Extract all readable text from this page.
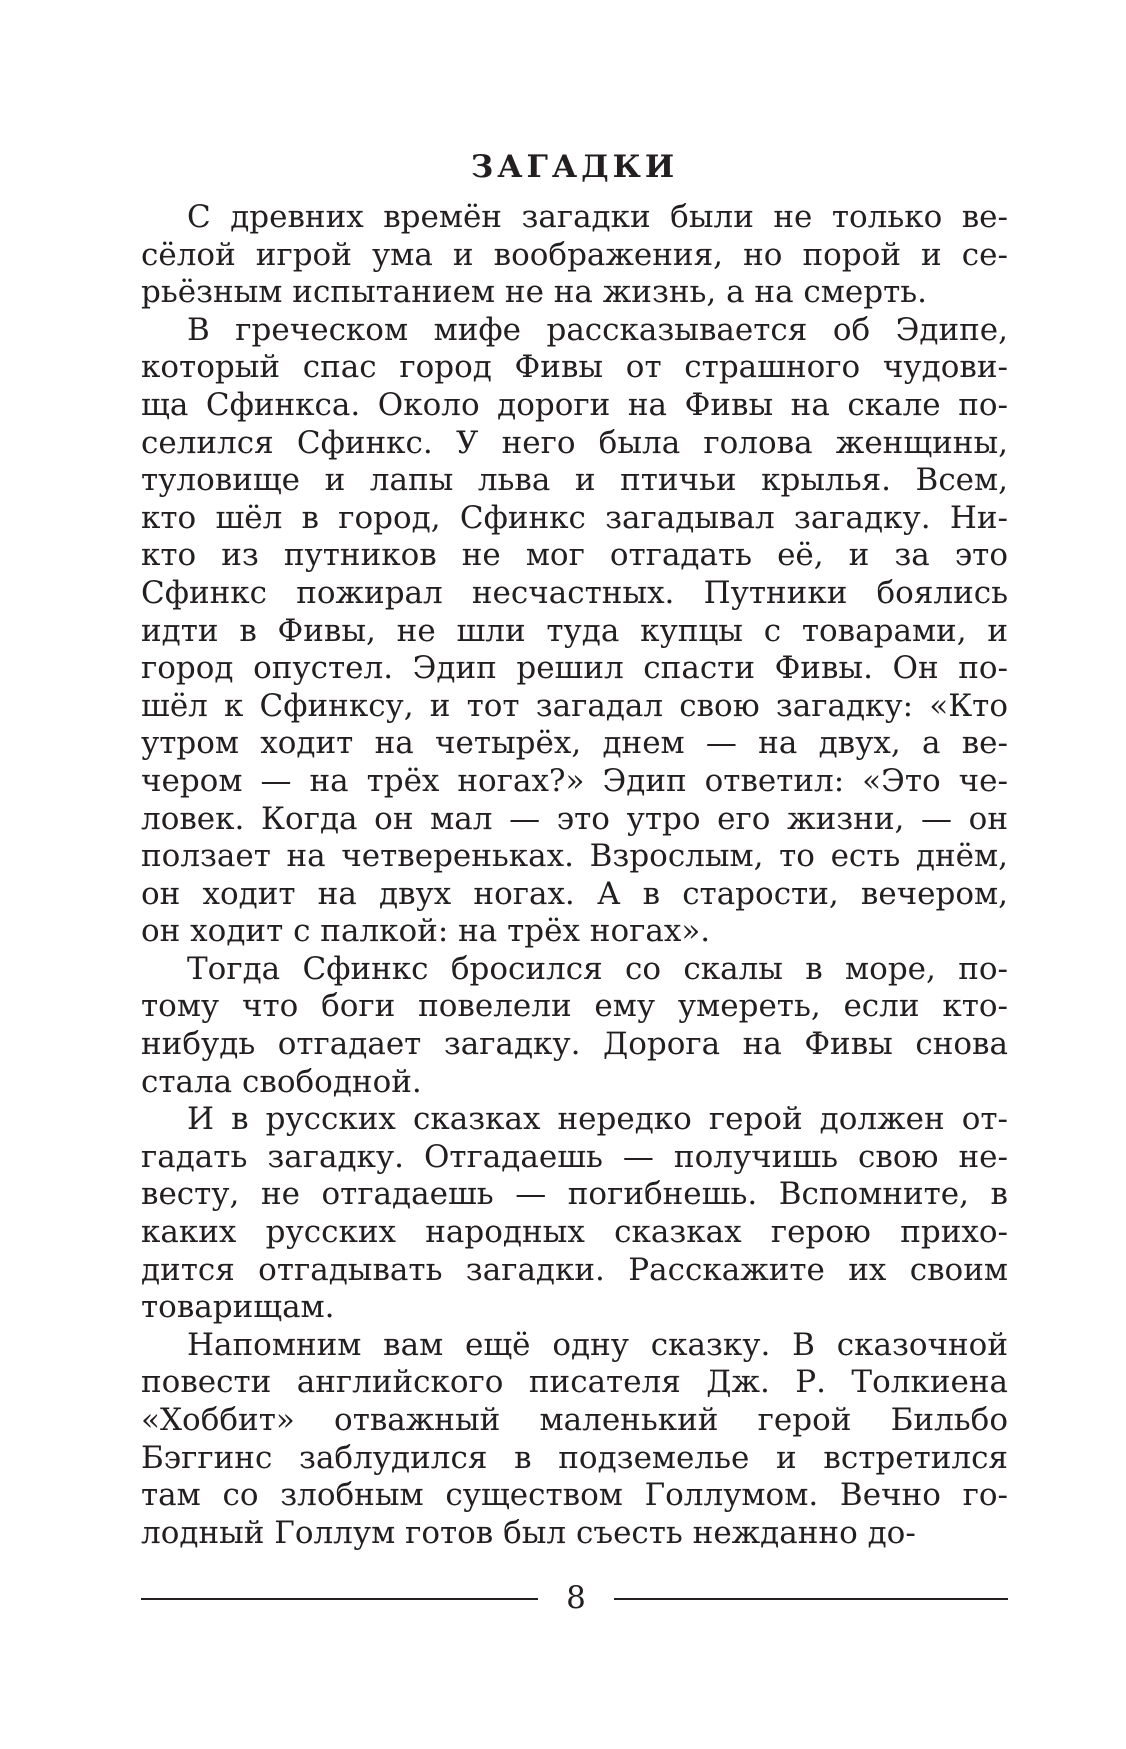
ЗАГАДКИ
С древних времён загадки были не только ве-
сёлой игрой ума и воображения, но порой и се-
рьёзным испытанием не на жизнь, а на смерть.
В греческом мифе рассказывается об Эдипе,
который спас город Фивы от страшного чудови-
ща Сфинкса. Около дороги на Фивы на скале по-
селился Сфинкс. У него была голова женщины,
туловище и лапы льва и птичьи крылья. Всем,
кто шёл в город, Сфинкс загадывал загадку. Ни-
кто из путников не мог отгадать её, и за это
Сфинкс пожирал несчастных. Путники боялись
идти в Фивы, не шли туда купцы с товарами, и
город опустел. Эдип решил спасти Фивы. Он по-
шёл к Сфинксу, и тот загадал свою загадку: «Кто
утром ходит на четырёх, днем — на двух, а ве-
чером — на трёх ногах?» Эдип ответил: «Это че-
ловек. Когда он мал — это утро его жизни, — он
ползает на четвереньках. Взрослым, то есть днём,
он ходит на двух ногах. А в старости, вечером,
он ходит с палкой: на трёх ногах».
Тогда Сфинкс бросился со скалы в море, по-
тому что боги повелели ему умереть, если кто-
нибудь отгадает загадку. Дорога на Фивы снова
стала свободной.
И в русских сказках нередко герой должен от-
гадать загадку. Отгадаешь — получишь свою не-
весту, не отгадаешь — погибнешь. Вспомните, в
каких русских народных сказках герою прихо-
дится отгадывать загадки. Расскажите их своим
товарищам.
Напомним вам ещё одну сказку. В сказочной
повести английского писателя Дж. Р. Толкиена
«Хоббит» отважный маленький герой Бильбо
Бэггинс заблудился в подземелье и встретился
там со злобным существом Голлумом. Вечно го-
лодный Голлум готов был съесть нежданно до-
8
